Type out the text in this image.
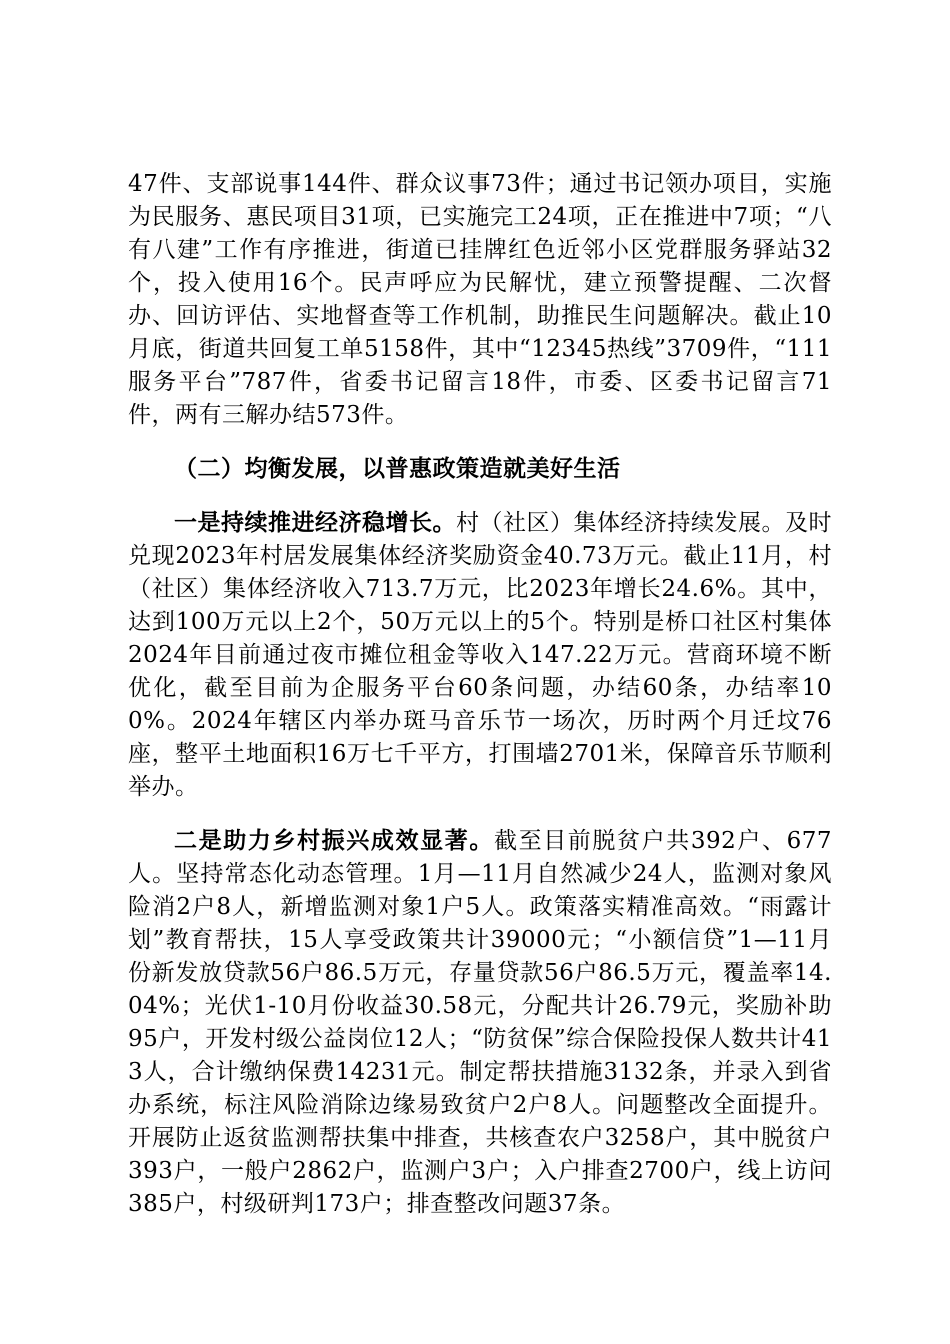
47件、支部说事144件、群众议事73件；通过书记领办项目，实施为民服务、惠民项目31项，已实施完工24项，正在推进中7项；“八有八建”工作有序推进，街道已挂牌红色近邻小区党群服务驿站32个，投入使用16个。民声呼应为民解忧，建立预警提醒、二次督办、回访评估、实地督查等工作机制，助推民生问题解决。截止10月底，街道共回复工单5158件，其中“12345热线”3709件，“111服务平台”787件，省委书记留言18件，市委、区委书记留言71件，两有三解办结573件。

（二）均衡发展，以普惠政策造就美好生活

一是持续推进经济稳增长。村（社区）集体经济持续发展。及时兑现2023年村居发展集体经济奖励资金40.73万元。截止11月，村（社区）集体经济收入713.7万元，比2023年增长24.6%。其中，达到100万元以上2个，50万元以上的5个。特别是桥口社区村集体2024年目前通过夜市摊位租金等收入147.22万元。营商环境不断优化，截至目前为企服务平台60条问题，办结60条，办结率100%。2024年辖区内举办斑马音乐节一场次，历时两个月迁坟76座，整平土地面积16万七千平方，打围墙2701米，保障音乐节顺利举办。

二是助力乡村振兴成效显著。截至目前脱贫户共392户、677人。坚持常态化动态管理。1月—11月自然减少24人，监测对象风险消2户8人，新增监测对象1户5人。政策落实精准高效。“雨露计划”教育帮扶，15人享受政策共计39000元；“小额信贷”1—11月份新发放贷款56户86.5万元，存量贷款56户86.5万元，覆盖率14.04%；光伏1-10月份收益30.58元，分配共计26.79元，奖励补助95户，开发村级公益岗位12人；“防贫保”综合保险投保人数共计413人，合计缴纳保费14231元。制定帮扶措施3132条，并录入到省办系统，标注风险消除边缘易致贫户2户8人。问题整改全面提升。开展防止返贫监测帮扶集中排查，共核查农户3258户，其中脱贫户393户，一般户2862户，监测户3户；入户排查2700户，线上访问385户，村级研判173户；排查整改问题37条。
